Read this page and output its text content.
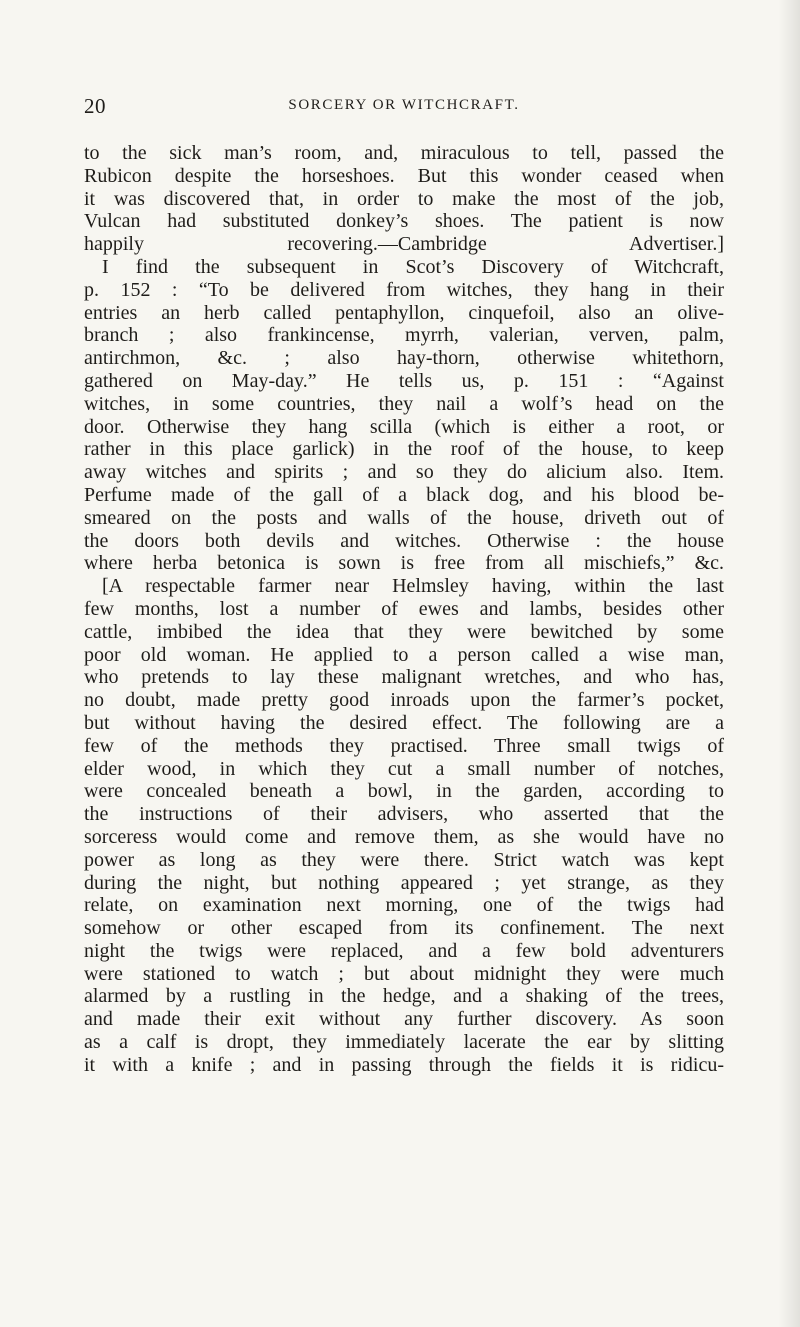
20	SORCERY OR WITCHCRAFT.
to the sick man’s room, and, miraculous to tell, passed the
Rubicon despite the horseshoes. But this wonder ceased when
it was discovered that, in order to make the most of the job,
Vulcan had substituted donkey’s shoes. The patient is now
happily recovering.—Cambridge Advertiser.]
I find the subsequent in Scot’s Discovery of Witchcraft,
p. 152 : “To be delivered from witches, they hang in their
entries an herb called pentaphyllon, cinquefoil, also an olive-
branch ; also frankincense, myrrh, valerian, verven, palm,
antirchmon, &c. ; also hay-thorn, otherwise whitethorn,
gathered on May-day.” He tells us, p. 151 : “Against
witches, in some countries, they nail a wolf’s head on the
door. Otherwise they hang scilla (which is either a root, or
rather in this place garlick) in the roof of the house, to keep
away witches and spirits ; and so they do alicium also. Item.
Perfume made of the gall of a black dog, and his blood be-
smeared on the posts and walls of the house, driveth out of
the doors both devils and witches. Otherwise : the house
where herba betonica is sown is free from all mischiefs,” &c.
[A respectable farmer near Helmsley having, within the last
few months, lost a number of ewes and lambs, besides other
cattle, imbibed the idea that they were bewitched by some
poor old woman. He applied to a person called a wise man,
who pretends to lay these malignant wretches, and who has,
no doubt, made pretty good inroads upon the farmer’s pocket,
but without having the desired effect. The following are a
few of the methods they practised. Three small twigs of
elder wood, in which they cut a small number of notches,
were concealed beneath a bowl, in the garden, according to
the instructions of their advisers, who asserted that the
sorceress would come and remove them, as she would have no
power as long as they were there. Strict watch was kept
during the night, but nothing appeared ; yet strange, as they
relate, on examination next morning, one of the twigs had
somehow or other escaped from its confinement. The next
night the twigs were replaced, and a few bold adventurers
were stationed to watch ; but about midnight they were much
alarmed by a rustling in the hedge, and a shaking of the trees,
and made their exit without any further discovery. As soon
as a calf is dropt, they immediately lacerate the ear by slitting
it with a knife ; and in passing through the fields it is ridicu-
